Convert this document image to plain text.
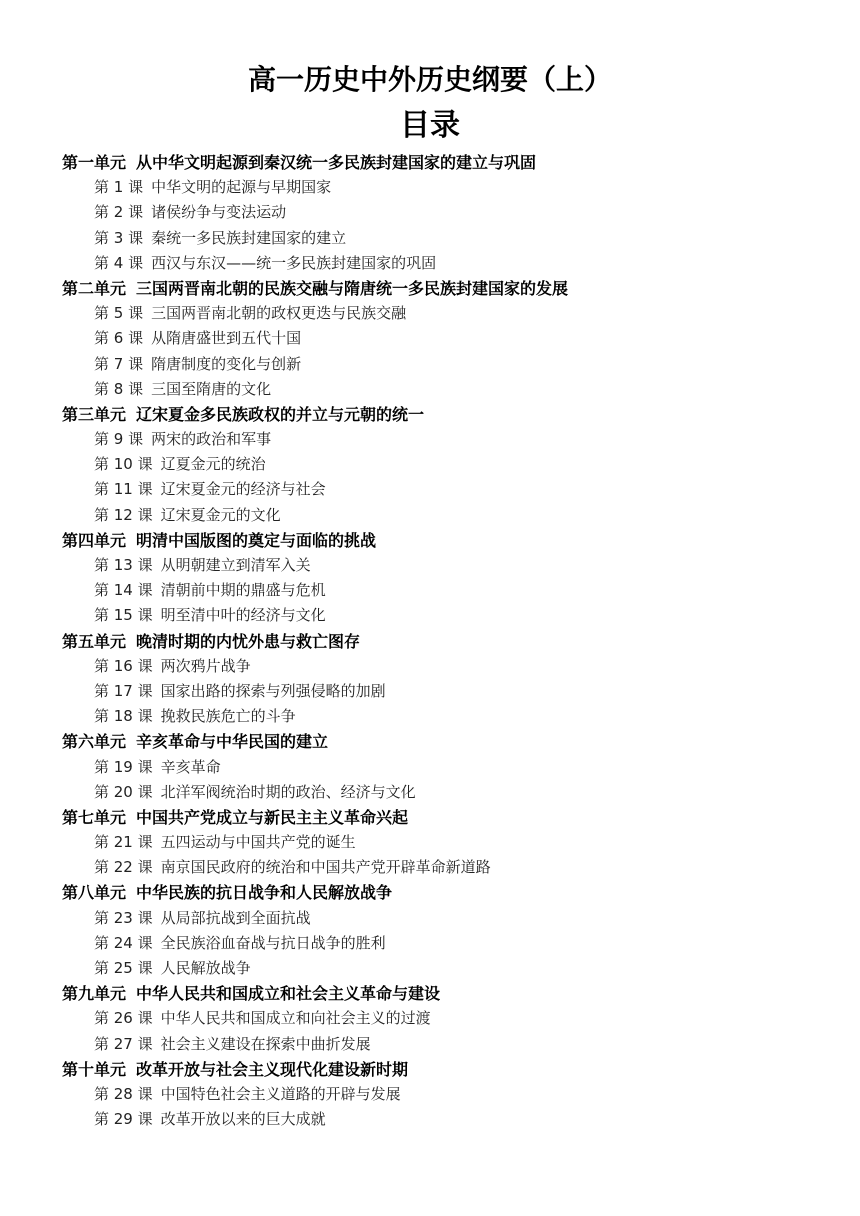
高一历史中外历史纲要（上）
目录
第一单元 从中华文明起源到秦汉统一多民族封建国家的建立与巩固
第 1 课 中华文明的起源与早期国家
第 2 课 诸侯纷争与变法运动
第 3 课 秦统一多民族封建国家的建立
第 4 课 西汉与东汉——统一多民族封建国家的巩固
第二单元 三国两晋南北朝的民族交融与隋唐统一多民族封建国家的发展
第 5 课 三国两晋南北朝的政权更迭与民族交融
第 6 课 从隋唐盛世到五代十国
第 7 课 隋唐制度的变化与创新
第 8 课 三国至隋唐的文化
第三单元 辽宋夏金多民族政权的并立与元朝的统一
第 9 课 两宋的政治和军事
第 10 课 辽夏金元的统治
第 11 课 辽宋夏金元的经济与社会
第 12 课 辽宋夏金元的文化
第四单元 明清中国版图的奠定与面临的挑战
第 13 课 从明朝建立到清军入关
第 14 课 清朝前中期的鼎盛与危机
第 15 课 明至清中叶的经济与文化
第五单元 晚清时期的内忧外患与救亡图存
第 16 课 两次鸦片战争
第 17 课 国家出路的探索与列强侵略的加剧
第 18 课 挽救民族危亡的斗争
第六单元 辛亥革命与中华民国的建立
第 19 课 辛亥革命
第 20 课 北洋军阀统治时期的政治、经济与文化
第七单元 中国共产党成立与新民主主义革命兴起
第 21 课 五四运动与中国共产党的诞生
第 22 课 南京国民政府的统治和中国共产党开辟革命新道路
第八单元 中华民族的抗日战争和人民解放战争
第 23 课 从局部抗战到全面抗战
第 24 课 全民族浴血奋战与抗日战争的胜利
第 25 课 人民解放战争
第九单元 中华人民共和国成立和社会主义革命与建设
第 26 课 中华人民共和国成立和向社会主义的过渡
第 27 课 社会主义建设在探索中曲折发展
第十单元 改革开放与社会主义现代化建设新时期
第 28 课 中国特色社会主义道路的开辟与发展
第 29 课 改革开放以来的巨大成就
